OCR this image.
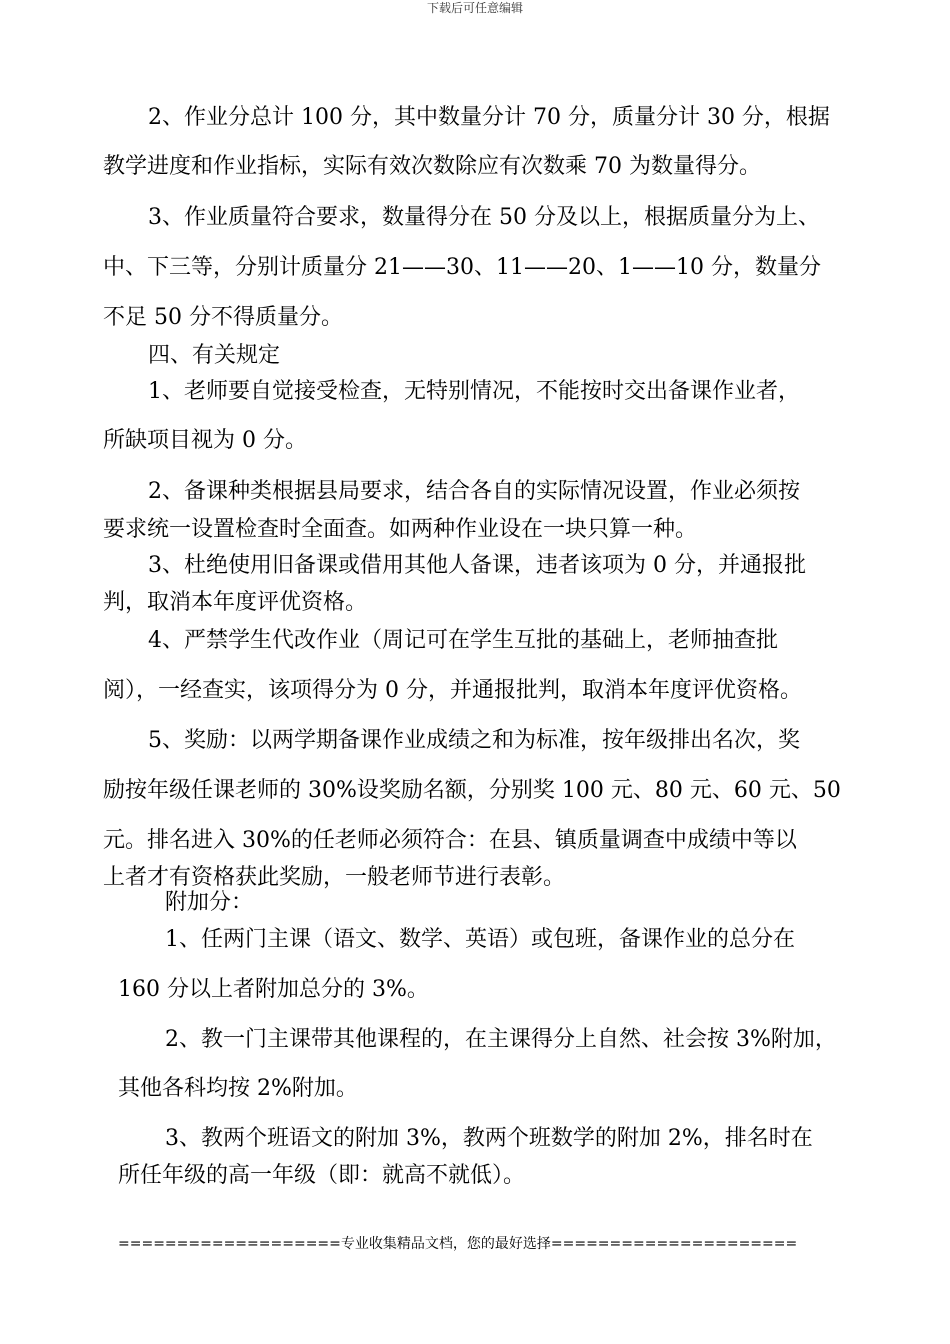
下载后可任意编辑
2、作业分总计 100 分，其中数量分计 70 分，质量分计 30 分，根据
教学进度和作业指标，实际有效次数除应有次数乘 70 为数量得分。
3、作业质量符合要求，数量得分在 50 分及以上，根据质量分为上、
中、下三等，分别计质量分 21——30、11——20、1——10 分，数量分
不足 50 分不得质量分。
四、有关规定
1、老师要自觉接受检查，无特别情况，不能按时交出备课作业者，
所缺项目视为 0 分。
2、备课种类根据县局要求，结合各自的实际情况设置，作业必须按
要求统一设置检查时全面查。如两种作业设在一块只算一种。
3、杜绝使用旧备课或借用其他人备课，违者该项为 0 分，并通报批
判，取消本年度评优资格。
4、严禁学生代改作业（周记可在学生互批的基础上，老师抽查批
阅），一经查实，该项得分为 0 分，并通报批判，取消本年度评优资格。
5、奖励：以两学期备课作业成绩之和为标准，按年级排出名次，奖
励按年级任课老师的 30%设奖励名额，分别奖 100 元、80 元、60 元、50
元。排名进入 30%的任老师必须符合：在县、镇质量调查中成绩中等以
上者才有资格获此奖励，一般老师节进行表彰。
附加分：
1、任两门主课（语文、数学、英语）或包班，备课作业的总分在
160 分以上者附加总分的 3%。
2、教一门主课带其他课程的，在主课得分上自然、社会按 3%附加，
其他各科均按 2%附加。
3、教两个班语文的附加 3%，教两个班数学的附加 2%，排名时在
所任年级的高一年级（即：就高不就低）。
===================专业收集精品文档，您的最好选择=====================
